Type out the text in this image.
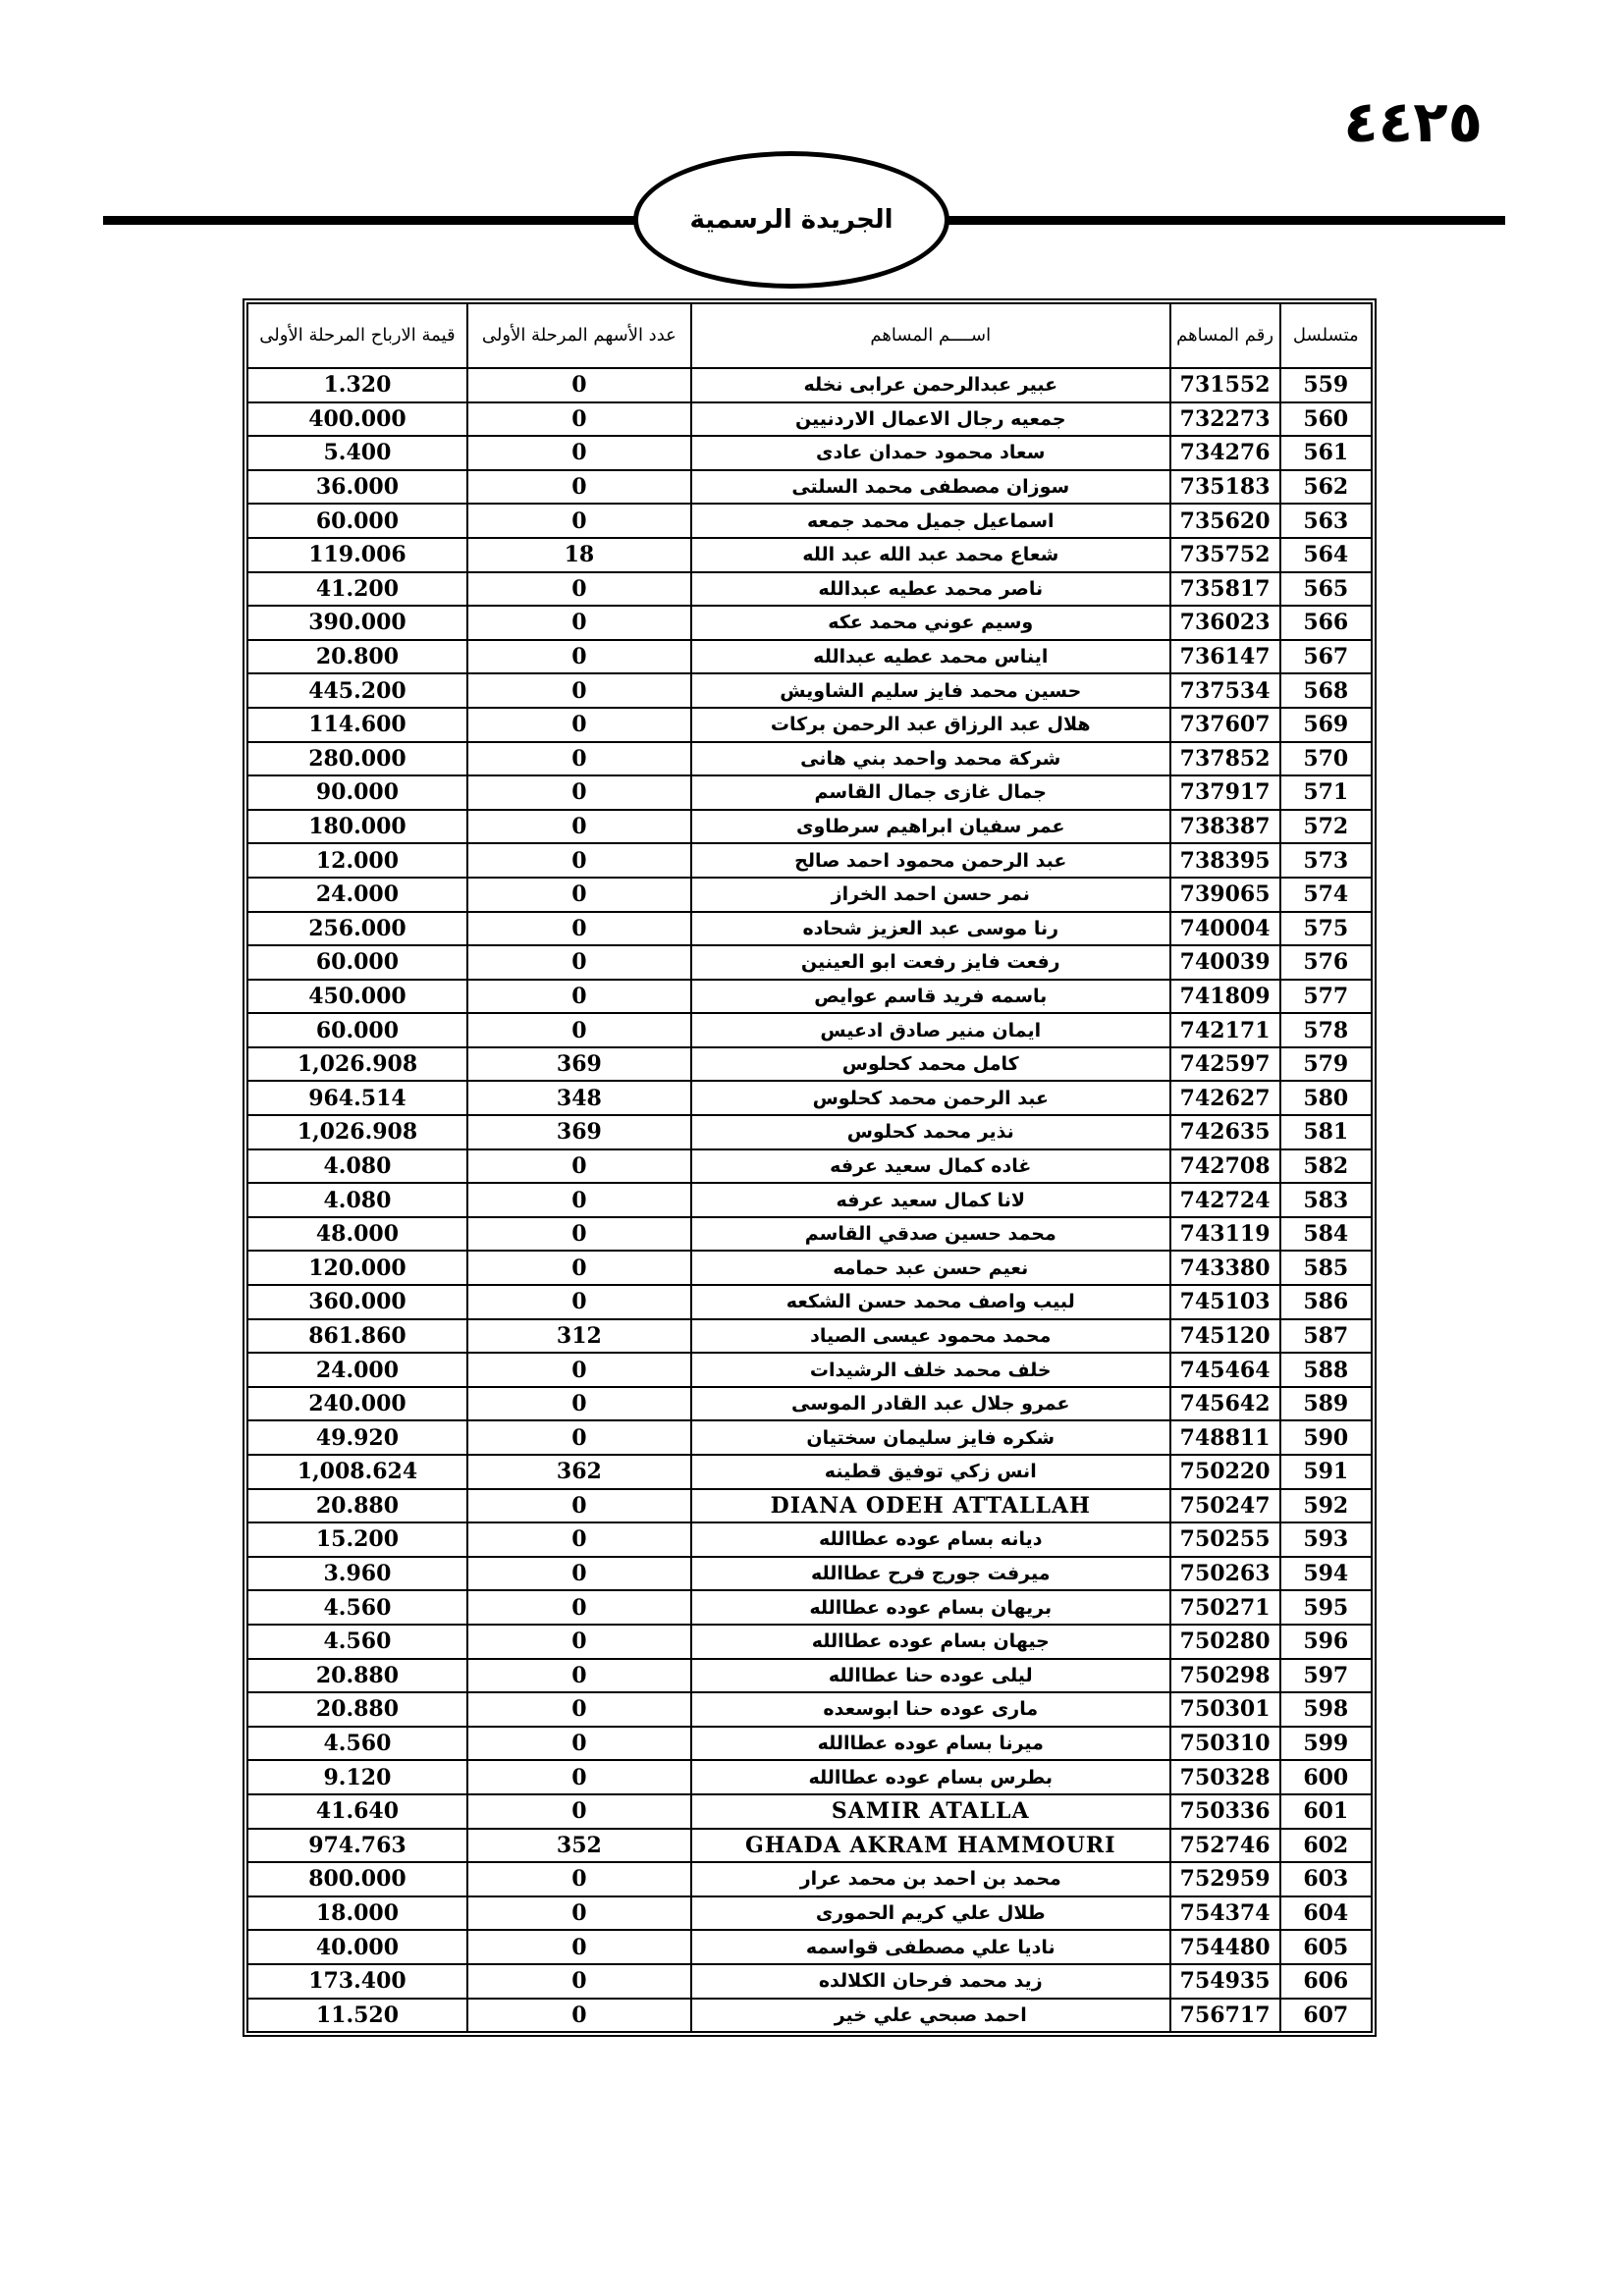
٤٤٢٥
الجريدة الرسمية
متسلسل	رقم المساهم	اســــم المساهم	عدد الأسهم المرحلة الأولى	قيمة الارباح المرحلة الأولى
559	731552	عبير عبدالرحمن عرابى نخله	0	1.320
560	732273	جمعيه رجال الاعمال الاردنيين	0	400.000
561	734276	سعاد محمود حمدان عادى	0	5.400
562	735183	سوزان مصطفى محمد السلتى	0	36.000
563	735620	اسماعيل جميل محمد جمعه	0	60.000
564	735752	شعاع محمد عبد الله عبد الله	18	119.006
565	735817	ناصر محمد عطيه عبدالله	0	41.200
566	736023	وسيم عوني محمد عكه	0	390.000
567	736147	ايناس محمد عطيه عبدالله	0	20.800
568	737534	حسين محمد فايز سليم الشاويش	0	445.200
569	737607	هلال عبد الرزاق عبد الرحمن بركات	0	114.600
570	737852	شركة محمد واحمد بني هانى	0	280.000
571	737917	جمال غازى جمال القاسم	0	90.000
572	738387	عمر سفيان ابراهيم سرطاوى	0	180.000
573	738395	عبد الرحمن محمود احمد صالح	0	12.000
574	739065	نمر حسن احمد الخراز	0	24.000
575	740004	رنا موسى عبد العزيز شحاده	0	256.000
576	740039	رفعت فايز رفعت ابو العينين	0	60.000
577	741809	باسمه فريد قاسم عوايص	0	450.000
578	742171	ايمان منير صادق ادعيس	0	60.000
579	742597	كامل محمد كحلوس	369	1,026.908
580	742627	عبد الرحمن محمد كحلوس	348	964.514
581	742635	نذير محمد كحلوس	369	1,026.908
582	742708	غاده كمال سعيد عرفه	0	4.080
583	742724	لانا كمال سعيد عرفه	0	4.080
584	743119	محمد حسين صدقي القاسم	0	48.000
585	743380	نعيم حسن عبد حمامه	0	120.000
586	745103	لبيب واصف محمد حسن الشكعه	0	360.000
587	745120	محمد محمود عيسى الصياد	312	861.860
588	745464	خلف محمد خلف الرشيدات	0	24.000
589	745642	عمرو جلال عبد القادر الموسى	0	240.000
590	748811	شكره فايز سليمان سختيان	0	49.920
591	750220	انس زكي توفيق قطينه	362	1,008.624
592	750247	DIANA ODEH ATTALLAH	0	20.880
593	750255	ديانه بسام عوده عطاالله	0	15.200
594	750263	ميرفت جورج فرح عطاالله	0	3.960
595	750271	بريهان بسام عوده عطاالله	0	4.560
596	750280	جيهان بسام عوده عطاالله	0	4.560
597	750298	ليلى عوده حنا عطاالله	0	20.880
598	750301	مارى عوده حنا ابوسعده	0	20.880
599	750310	ميرنا بسام عوده عطاالله	0	4.560
600	750328	بطرس بسام عوده عطاالله	0	9.120
601	750336	SAMIR ATALLA	0	41.640
602	752746	GHADA AKRAM HAMMOURI	352	974.763
603	752959	محمد بن احمد بن محمد عرار	0	800.000
604	754374	طلال علي كريم الحمورى	0	18.000
605	754480	ناديا علي مصطفى قواسمه	0	40.000
606	754935	زيد محمد فرحان الكلالده	0	173.400
607	756717	احمد صبحي علي خير	0	11.520
